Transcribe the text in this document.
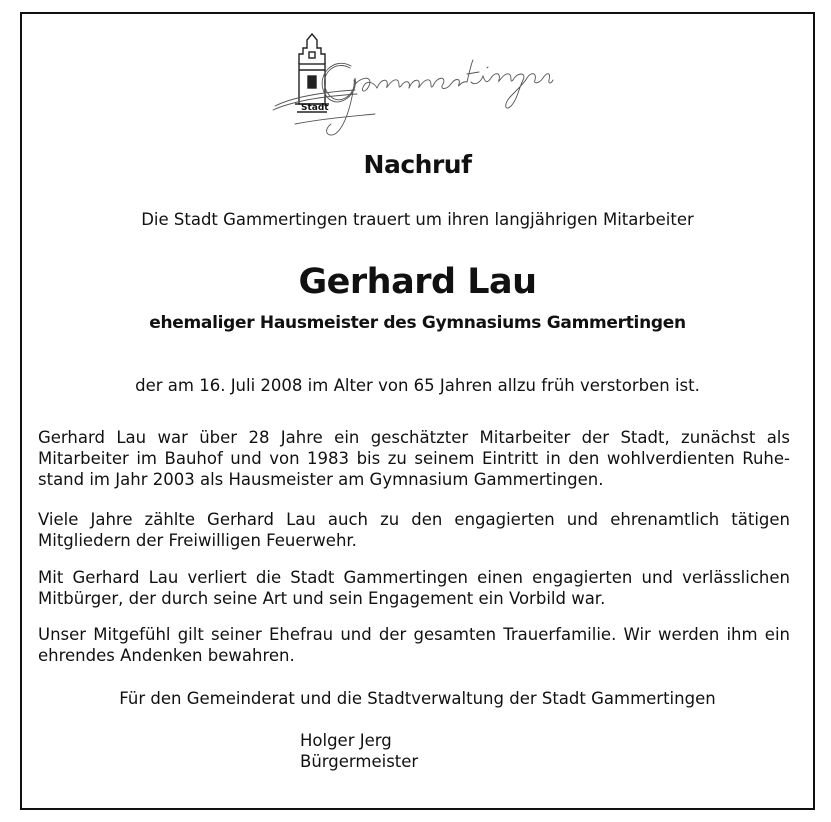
Stadt
Nachruf
Die Stadt Gammertingen trauert um ihren langjährigen Mitarbeiter
Gerhard Lau
ehemaliger Hausmeister des Gymnasiums Gammertingen
der am 16. Juli 2008 im Alter von 65 Jahren allzu früh verstorben ist.
Gerhard Lau war über 28 Jahre ein geschätzter Mitarbeiter der Stadt, zunächst als Mitarbeiter im Bauhof und von 1983 bis zu seinem Eintritt in den wohlverdienten Ruhestand im Jahr 2003 als Hausmeister am Gymnasium Gammertingen.
Viele Jahre zählte Gerhard Lau auch zu den engagierten und ehrenamtlich tätigen Mitgliedern der Freiwilligen Feuerwehr.
Mit Gerhard Lau verliert die Stadt Gammertingen einen engagierten und verlässlichen Mitbürger, der durch seine Art und sein Engagement ein Vorbild war.
Unser Mitgefühl gilt seiner Ehefrau und der gesamten Trauerfamilie. Wir werden ihm ein ehrendes Andenken bewahren.
Für den Gemeinderat und die Stadtverwaltung der Stadt Gammertingen
Holger Jerg
Bürgermeister
